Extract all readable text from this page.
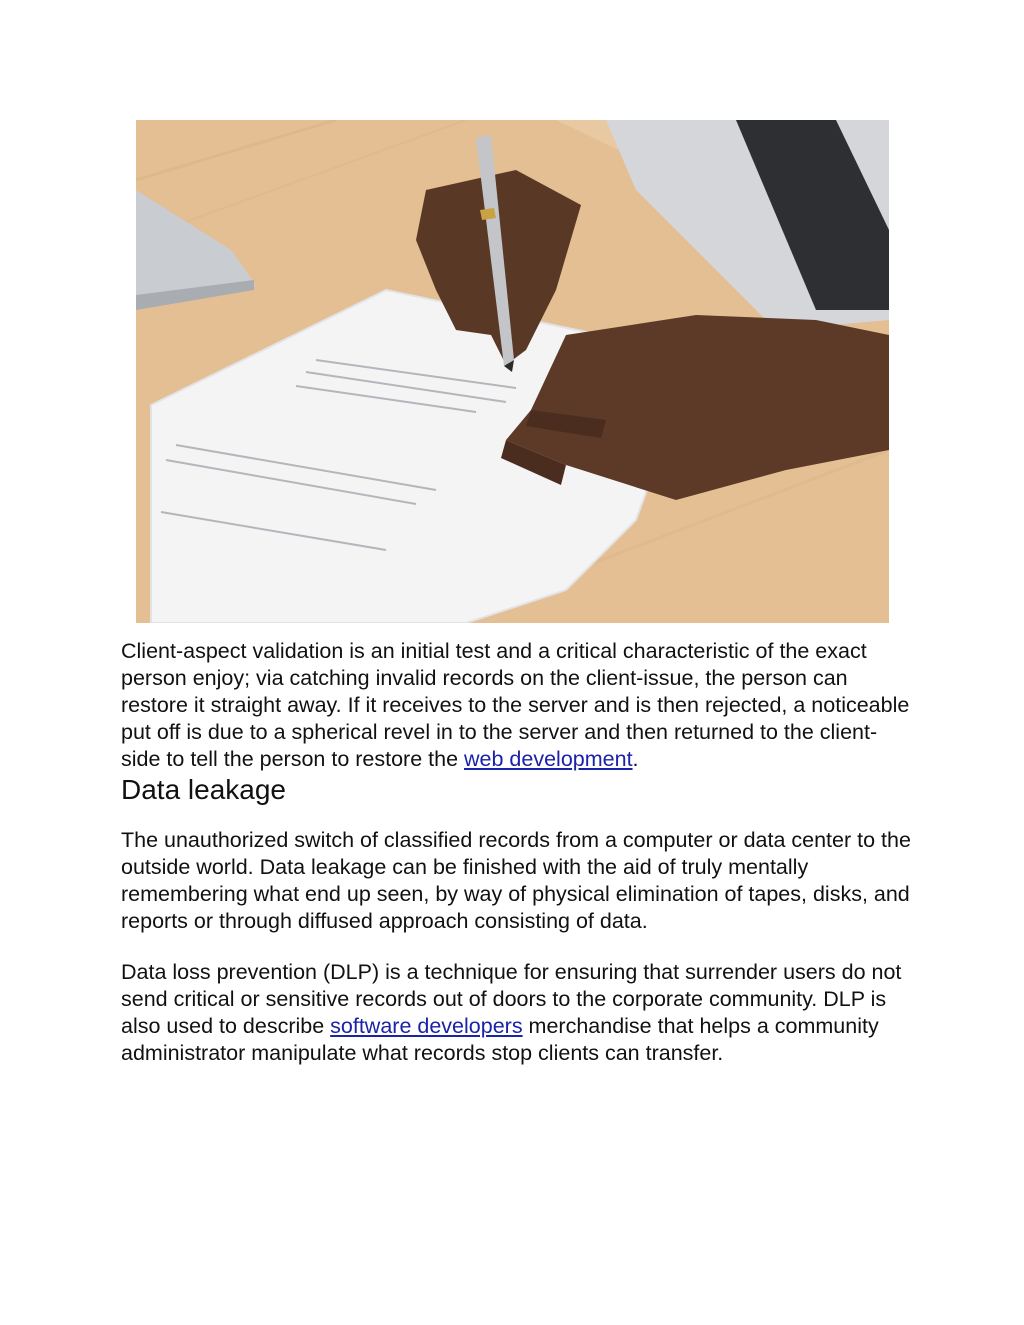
Client-aspect validation is an initial test and a critical characteristic of the exact person enjoy; via catching invalid records on the client-issue, the person can restore it straight away. If it receives to the server and is then rejected, a noticeable put off is due to a spherical revel in to the server and then returned to the client-side to tell the person to restore the web development.

Data leakage

The unauthorized switch of classified records from a computer or data center to the outside world. Data leakage can be finished with the aid of truly mentally remembering what end up seen, by way of physical elimination of tapes, disks, and reports or through diffused approach consisting of data.

Data loss prevention (DLP) is a technique for ensuring that surrender users do not send critical or sensitive records out of doors to the corporate community. DLP is also used to describe software developers merchandise that helps a community administrator manipulate what records stop clients can transfer.
